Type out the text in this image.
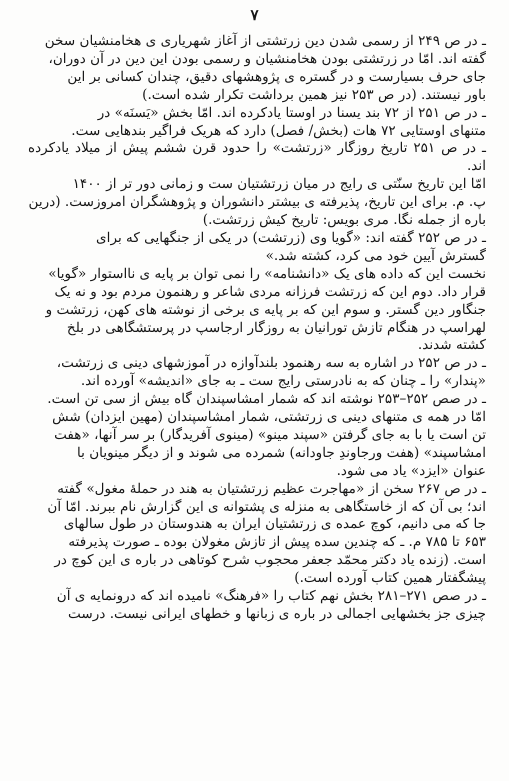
۷

ـ در ص ۲۴۹ از رسمی شدن دین زرتشتی از آغاز شهریاری ی هخامنشیان سخن
گفته اند. امّا در زرتشتی بودن هخامنشیان و رسمی بودن این دین در آن دوران،
جای حرف بسیارست و در گستره ی پژوهشهای دقیق، چندان کسانی بر این
باور نیستند. (در ص ۲۵۳ نیز همین برداشت تکرار شده است.)

ـ در ص ۲۵۱ از ۷۲ بند یسنا در اوستا یادکرده اند. امّا بخش «یَسنَه» در
متنهای اوستایی ۷۲ هات (بخش/ فصل) دارد که هریک فراگیر بندهایی ست.

ـ در ص ۲۵۱ تاریخ روزگار «زرتشت» را حدود قرن ششم پیش از میلاد یادکرده اند.
امّا این تاریخ سنّتی ی رایج در میان زرتشتیان ست و زمانی دور تر از ۱۴۰۰
پ. م. برای این تاریخ، پذیرفته ی بیشتر دانشوران و پژوهشگران امروزست. (درین
باره از جمله نگا. مری بویس: تاریخ کیش زرتشت.)

ـ در ص ۲۵۲ گفته اند: «گویا وی (زرتشت) در یکی از جنگهایی که برای
گسترش آیین خود می کرد، کشته شد.»

نخست این که داده های یک «دانشنامه» را نمی توان بر پایه ی نااستوار «گویا»
قرار داد. دوم این که زرتشت فرزانه مردی شاعر و رهنمون مردم بود و نه یک
جنگاور دین گستر. و سوم این که بر پایه ی برخی از نوشته های کهن، زرتشت و
لهراسپ در هنگام تازش تورانیان به روزگار ارجاسپ در پرستشگاهی در بلخ
کشته شدند.

ـ در ص ۲۵۲ در اشاره به سه رهنمود بلندآوازه در آموزشهای دینی ی زرتشت،
«پندار» را ـ چنان که به نادرستی رایج ست ـ به جای «اندیشه» آورده اند.

ـ در صص ۲۵۲–۲۵۳ نوشته اند که شمار امشاسپندان گاه بیش از سی تن است.
امّا در همه ی متنهای دینی ی زرتشتی، شمار امشاسپندان (مهین ایزدان) شش
تن است یا با به جای گرفتن «سپند مینو» (مینوی آفریدگار) بر سر آنها، «هفت
امشاسپند» (هفت ورجاوندِ جاودانه) شمرده می شوند و از دیگر مینویان با
عنوان «ایزد» یاد می شود.

ـ در ص ۲۶۷ سخن از «مهاجرت عظیم زرتشتیان به هند در حملهٔ مغول» گفته
اند؛ بی آن که از خاستگاهی به منزله ی پشتوانه ی این گزارش نام ببرند. امّا آن
جا که می دانیم، کوچ عمده ی زرتشتیان ایران به هندوستان در طول سالهای
۶۵۳ تا ۷۸۵ م. ـ که چندین سده پیش از تازش مغولان بوده ـ صورت پذیرفته
است. (زنده یاد دکتر محمّد جعفر محجوب شرح کوتاهی در باره ی این کوچ در
پیشگفتار همین کتاب آورده است.)

ـ در صص ۲۷۱–۲۸۱ بخش نهم کتاب را «فرهنگ» نامیده اند که درونمایه ی آن
چیزی جز بخشهایی اجمالی در باره ی زبانها و خطهای ایرانی نیست. درست
